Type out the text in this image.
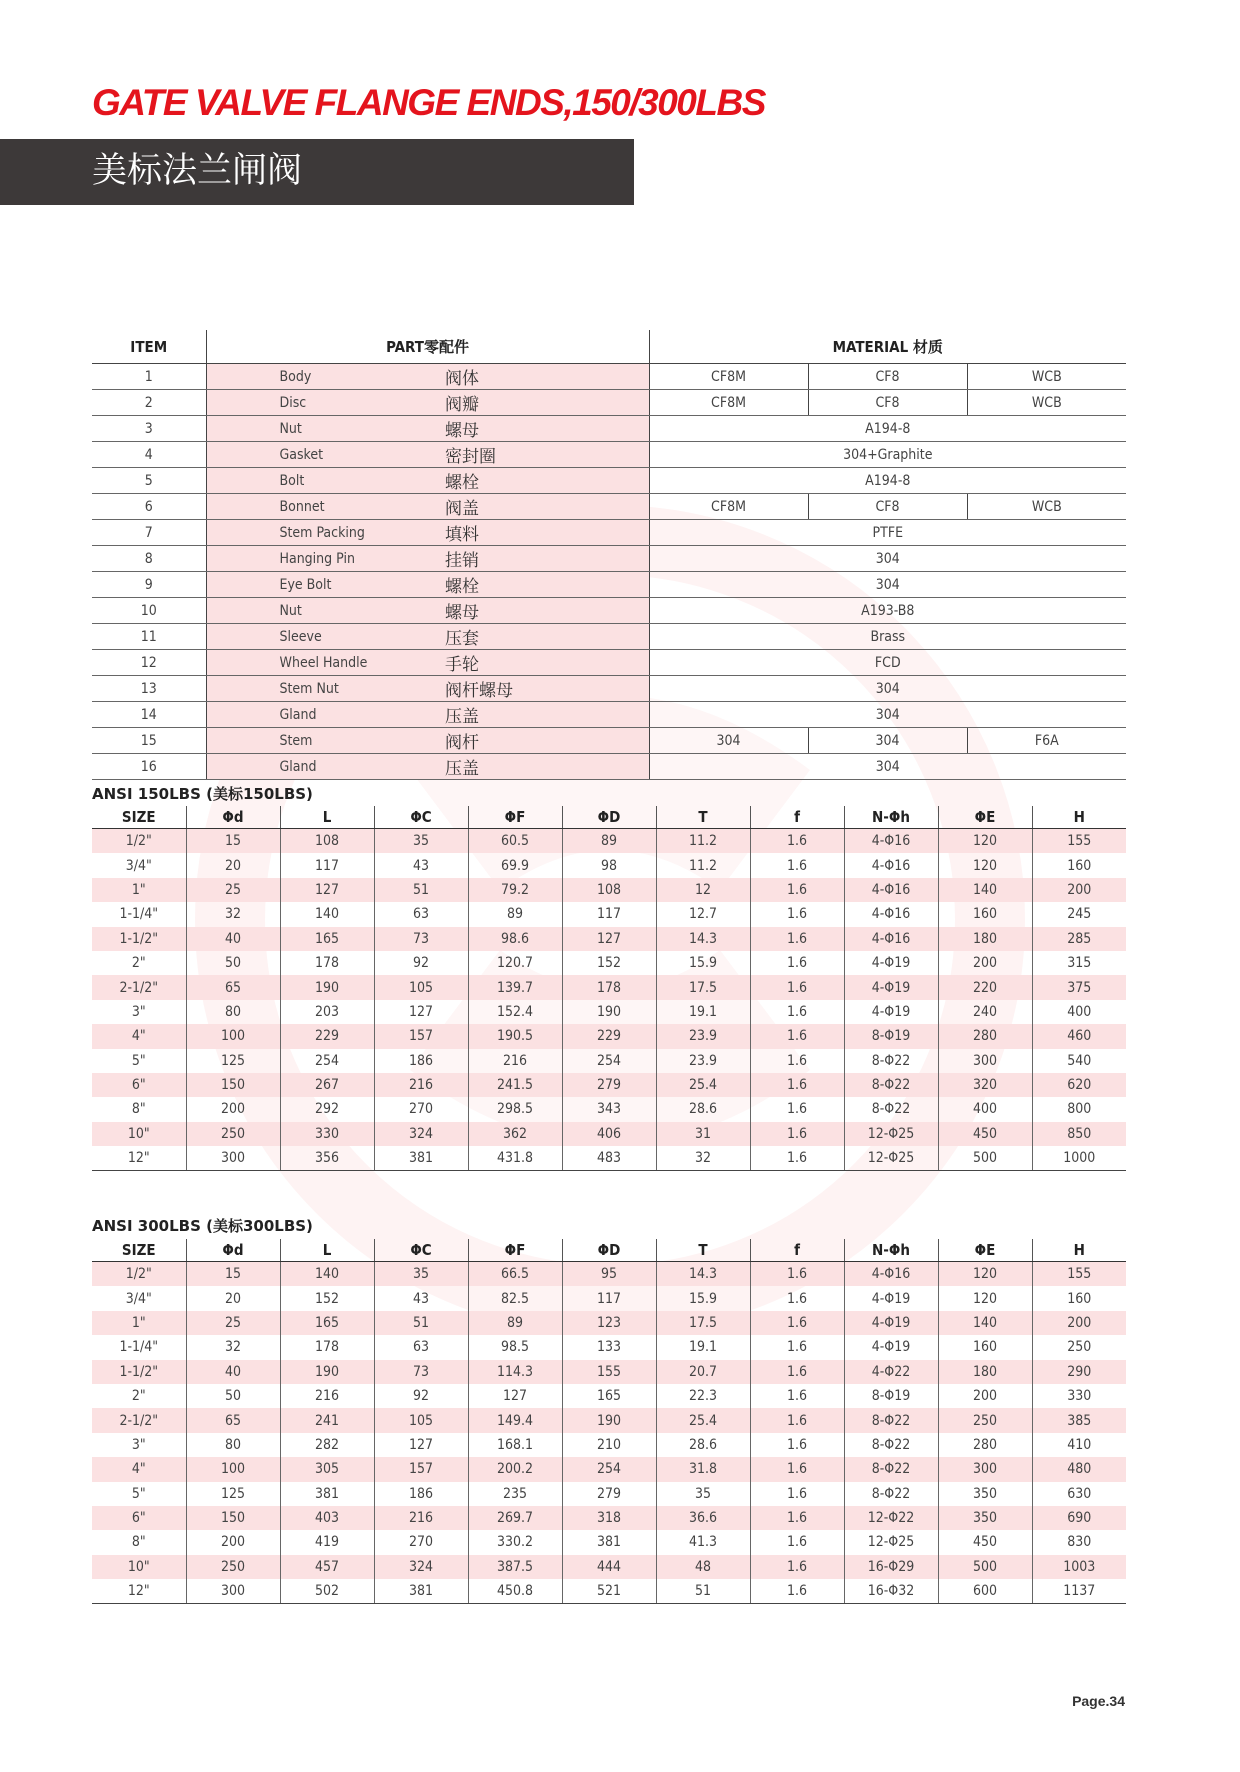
GATE VALVE FLANGE ENDS,150/300LBS
美标法兰闸阀
ITEM	PART零配件		MATERIAL 材质		
1	Body	阀体	CF8M	CF8	WCB
2	Disc	阀瓣	CF8M	CF8	WCB
3	Nut	螺母	A194-8		
4	Gasket	密封圈	304+Graphite		
5	Bolt	螺栓	A194-8		
6	Bonnet	阀盖	CF8M	CF8	WCB
7	Stem Packing	填料	PTFE		
8	Hanging Pin	挂销	304		
9	Eye Bolt	螺栓	304		
10	Nut	螺母	A193-B8		
11	Sleeve	压套	Brass		
12	Wheel Handle	手轮	FCD		
13	Stem Nut	阀杆螺母	304		
14	Gland	压盖	304		
15	Stem	阀杆	304	304	F6A
16	Gland	压盖	304		
ANSI 150LBS (美标150LBS)
SIZE	Φd	L	ΦC	ΦF	ΦD	T	f	N-Φh	ΦE	H
1/2"	15	108	35	60.5	89	11.2	1.6	4-Φ16	120	155
3/4"	20	117	43	69.9	98	11.2	1.6	4-Φ16	120	160
1"	25	127	51	79.2	108	12	1.6	4-Φ16	140	200
1-1/4"	32	140	63	89	117	12.7	1.6	4-Φ16	160	245
1-1/2"	40	165	73	98.6	127	14.3	1.6	4-Φ16	180	285
2"	50	178	92	120.7	152	15.9	1.6	4-Φ19	200	315
2-1/2"	65	190	105	139.7	178	17.5	1.6	4-Φ19	220	375
3"	80	203	127	152.4	190	19.1	1.6	4-Φ19	240	400
4"	100	229	157	190.5	229	23.9	1.6	8-Φ19	280	460
5"	125	254	186	216	254	23.9	1.6	8-Φ22	300	540
6"	150	267	216	241.5	279	25.4	1.6	8-Φ22	320	620
8"	200	292	270	298.5	343	28.6	1.6	8-Φ22	400	800
10"	250	330	324	362	406	31	1.6	12-Φ25	450	850
12"	300	356	381	431.8	483	32	1.6	12-Φ25	500	1000
ANSI 300LBS (美标300LBS)
SIZE	Φd	L	ΦC	ΦF	ΦD	T	f	N-Φh	ΦE	H
1/2"	15	140	35	66.5	95	14.3	1.6	4-Φ16	120	155
3/4"	20	152	43	82.5	117	15.9	1.6	4-Φ19	120	160
1"	25	165	51	89	123	17.5	1.6	4-Φ19	140	200
1-1/4"	32	178	63	98.5	133	19.1	1.6	4-Φ19	160	250
1-1/2"	40	190	73	114.3	155	20.7	1.6	4-Φ22	180	290
2"	50	216	92	127	165	22.3	1.6	8-Φ19	200	330
2-1/2"	65	241	105	149.4	190	25.4	1.6	8-Φ22	250	385
3"	80	282	127	168.1	210	28.6	1.6	8-Φ22	280	410
4"	100	305	157	200.2	254	31.8	1.6	8-Φ22	300	480
5"	125	381	186	235	279	35	1.6	8-Φ22	350	630
6"	150	403	216	269.7	318	36.6	1.6	12-Φ22	350	690
8"	200	419	270	330.2	381	41.3	1.6	12-Φ25	450	830
10"	250	457	324	387.5	444	48	1.6	16-Φ29	500	1003
12"	300	502	381	450.8	521	51	1.6	16-Φ32	600	1137

Page.34
